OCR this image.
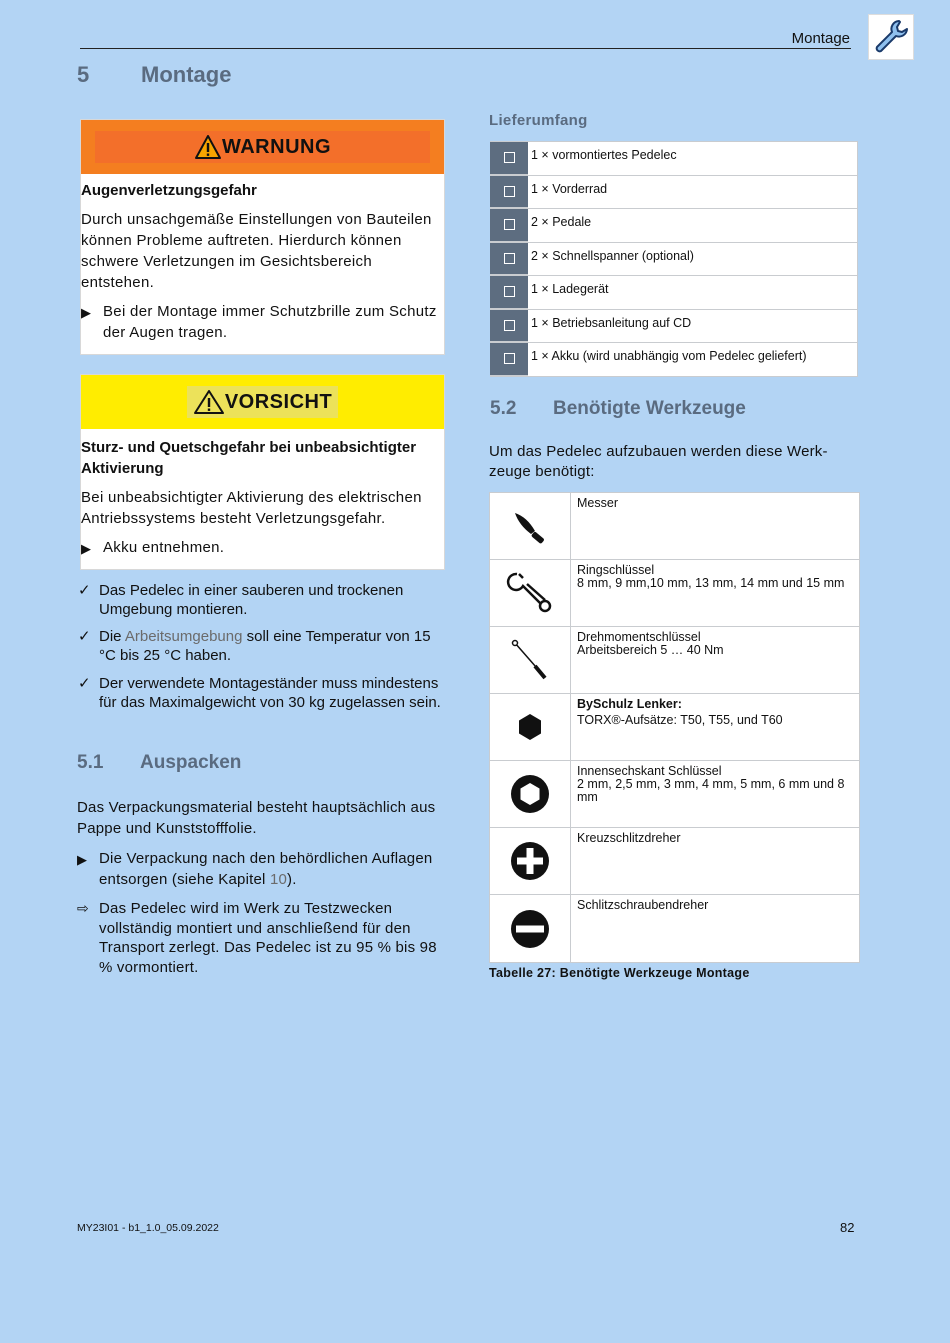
Montage
5 Montage
WARNUNG
Augenverletzungsgefahr
Durch unsachgemäße Einstellungen von Bauteilen können Probleme auftreten. Hierdurch können schwere Verletzungen im Gesichtsbereich entstehen.
▶ Bei der Montage immer Schutzbrille zum Schutz der Augen tragen.
VORSICHT
Sturz- und Quetschgefahr bei unbeabsichtigter Aktivierung
Bei unbeabsichtigter Aktivierung des elektrischen Antriebssystems besteht Verletzungsgefahr.
▶ Akku entnehmen.
✓ Das Pedelec in einer sauberen und trockenen Umgebung montieren.
✓ Die Arbeitsumgebung soll eine Temperatur von 15 °C bis 25 °C haben.
✓ Der verwendete Montageständer muss mindestens für das Maximalgewicht von 30 kg zugelassen sein.
5.1 Auspacken
Das Verpackungsmaterial besteht hauptsächlich aus Pappe und Kunststofffolie.
▶ Die Verpackung nach den behördlichen Auflagen entsorgen (siehe Kapitel 10).
⇨ Das Pedelec wird im Werk zu Testzwecken vollständig montiert und anschließend für den Transport zerlegt. Das Pedelec ist zu 95 % bis 98 % vormontiert.
Lieferumfang
1 × vormontiertes Pedelec
1 × Vorderrad
2 × Pedale
2 × Schnellspanner (optional)
1 × Ladegerät
1 × Betriebsanleitung auf CD
1 × Akku (wird unabhängig vom Pedelec geliefert)
5.2 Benötigte Werkzeuge
Um das Pedelec aufzubauen werden diese Werk-zeuge benötigt:
Messer
Ringschlüssel
8 mm, 9 mm,10 mm, 13 mm, 14 mm und 15 mm
Drehmomentschlüssel
Arbeitsbereich 5 … 40 Nm
BySchulz Lenker:
TORX®-Aufsätze: T50, T55, und T60
Innensechskant Schlüssel
2 mm, 2,5 mm, 3 mm, 4 mm, 5 mm, 6 mm und 8 mm
Kreuzschlitzdreher
Schlitzschraubendreher
Tabelle 27: Benötigte Werkzeuge Montage
MY23I01 - b1_1.0_05.09.2022	82
